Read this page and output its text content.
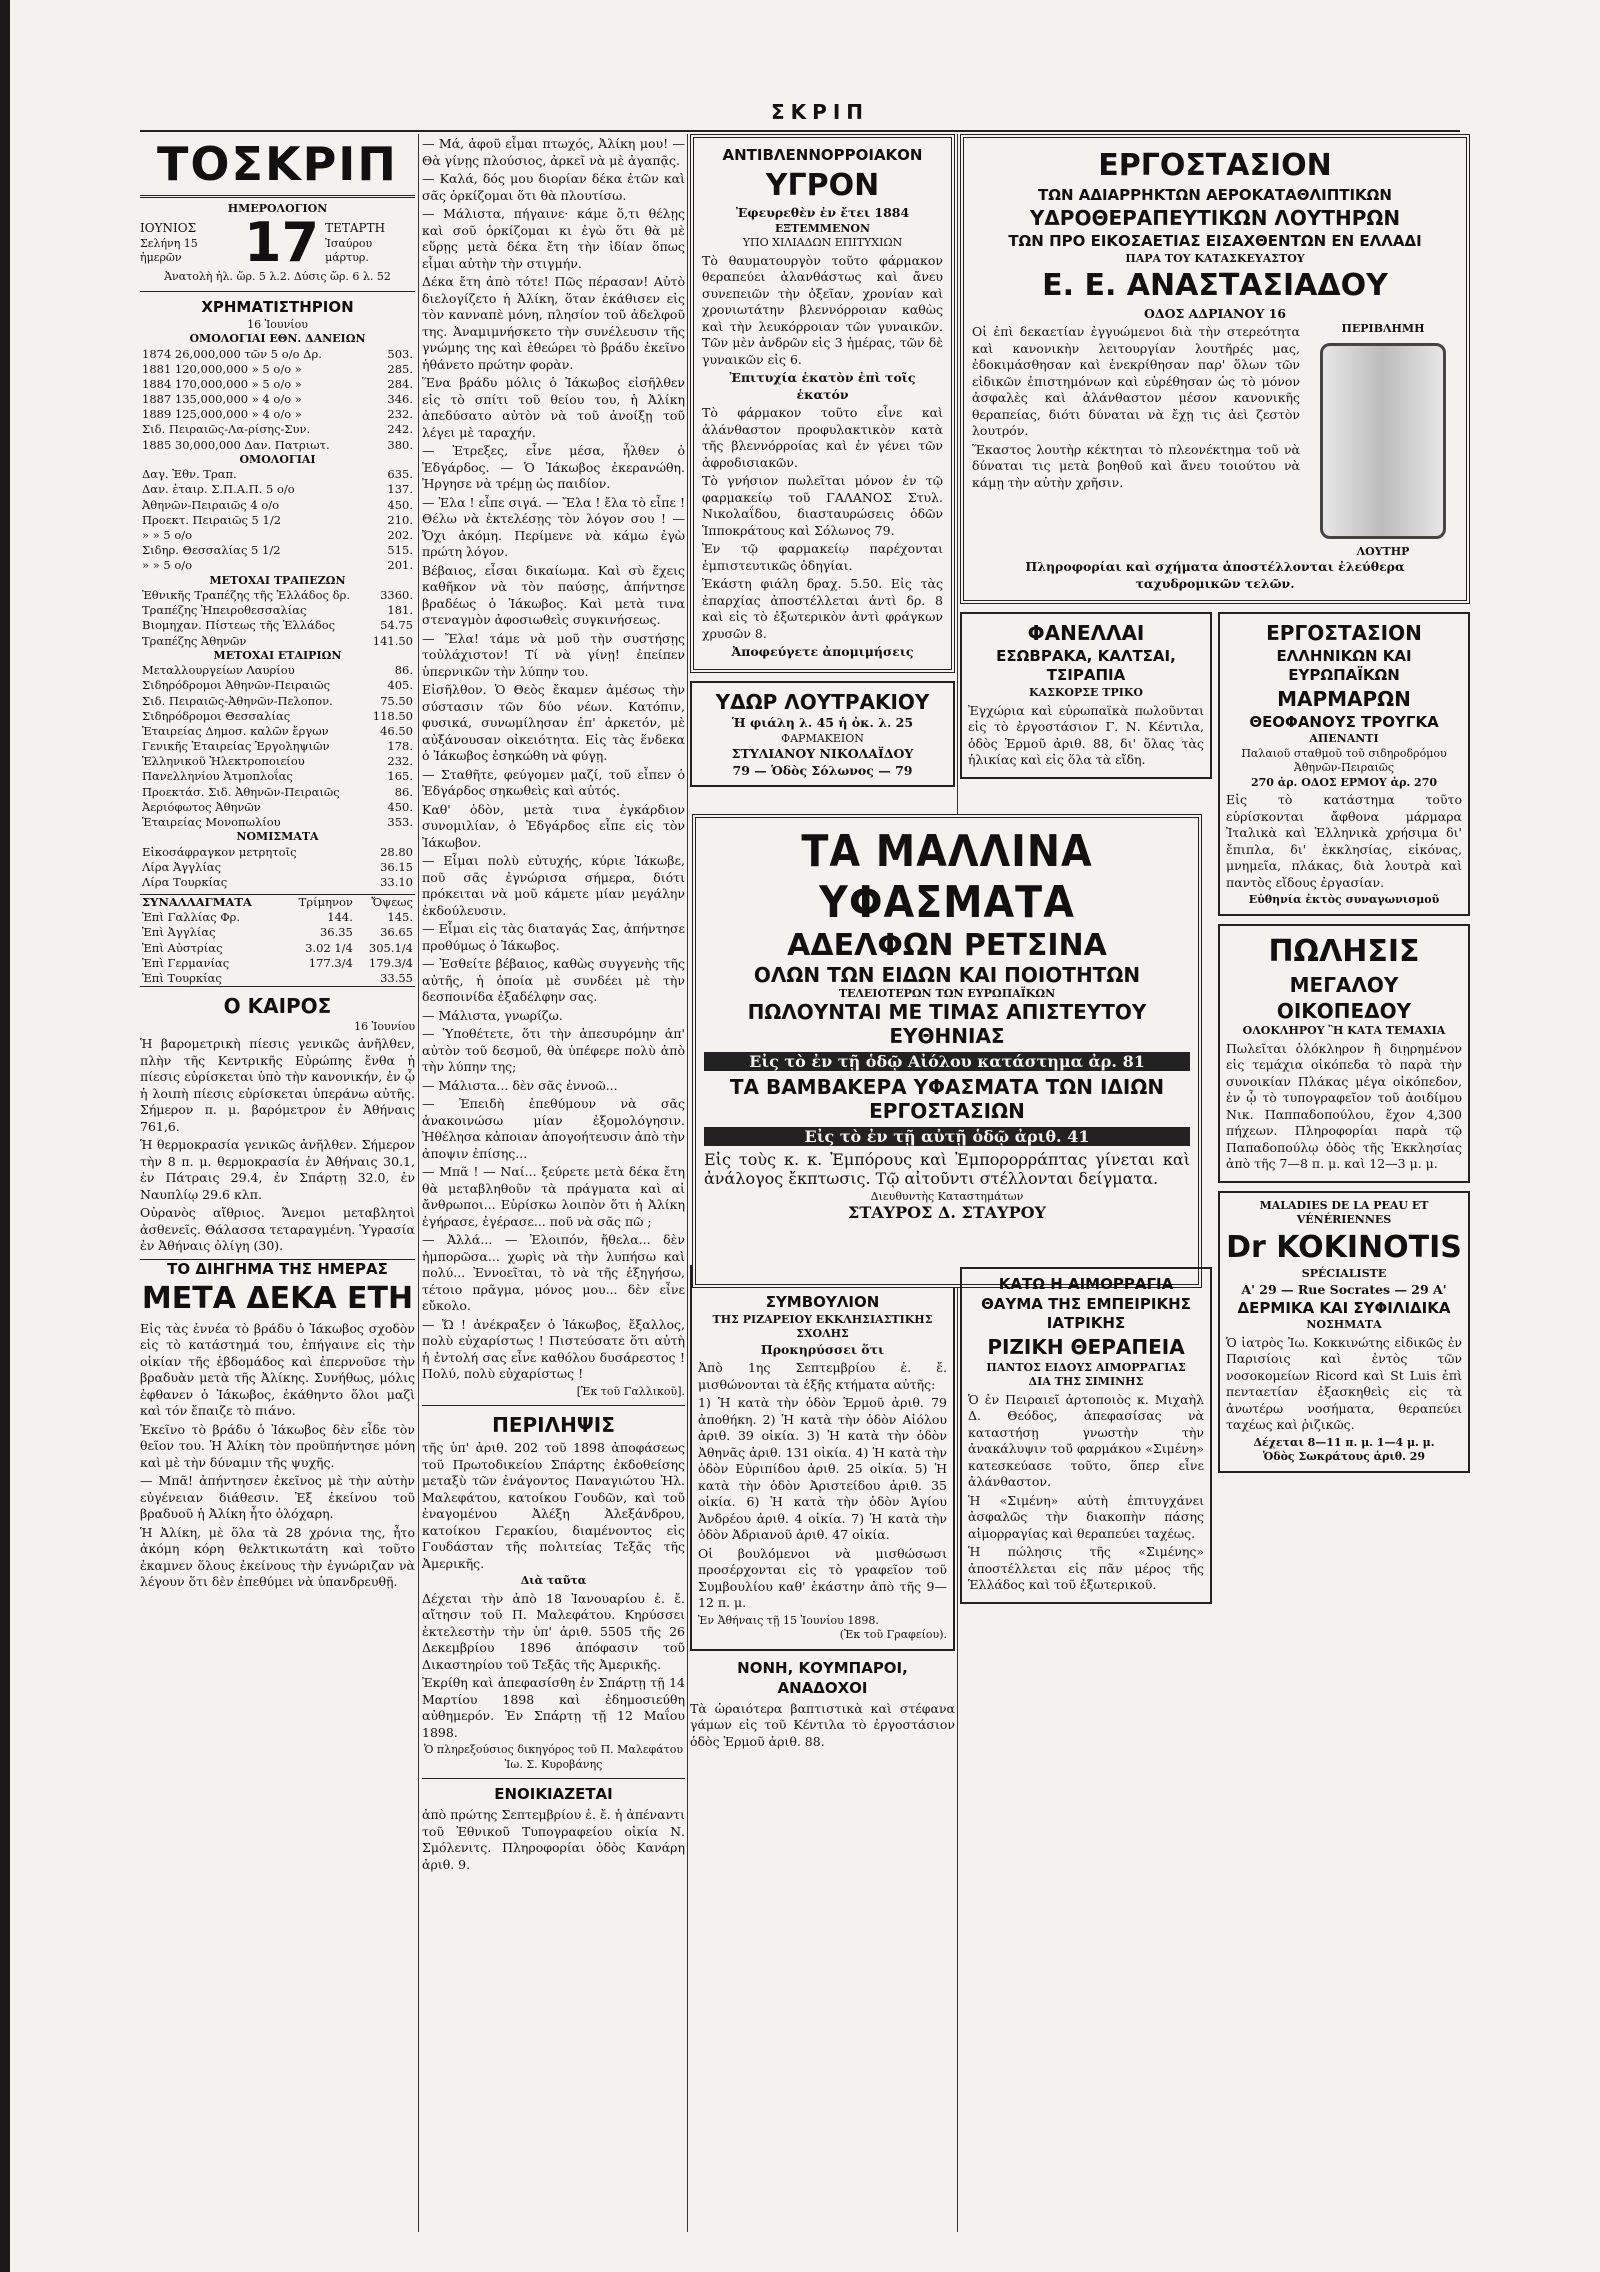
ΣΚΡΙΠ
ΤΟΣΚΡΙΠ
ΗΜΕΡΟΛΟΓΙΟΝ
ΙΟΥΝΙΟΣ
Σελήνη 15 ἡμερῶν	17 ΤΕΤΑΡΤΗ
Ἰσαύρου μάρτυρ.
Ἀνατολὴ ἡλ. ὥρ. 5 λ.2. Δύσις ὥρ. 6 λ. 52
ΧΡΗΜΑΤΙΣΤΗΡΙΟΝ
16 Ἰουνίου
ΟΜΟΛΟΓΙΑΙ ΕΘΝ. ΔΑΝΕΙΩΝ
1874 26,000,000 τῶν 5 ο/ο Δρ.	503.
1881 120,000,000 » 5 ο/ο »	285.
1884 170,000,000 » 5 ο/ο »	284.
1887 135,000,000 » 4 ο/ο »	346.
1889 125,000,000 » 4 ο/ο »	232.
Σιδ. Πειραιῶς-Λα-ρίσης-Συν.	242.
1885 30,000,000 Δαν. Πατριωτ.	380.
ΟΜΟΛΟΓΙΑΙ
Δαγ. Ἐθν. Τραπ.	635.
Δαν. ἐταιρ. Σ.Π.Α.Π. 5 ο/ο	137.
Ἀθηνῶν-Πειραιῶς 4 ο/ο	450.
Προεκτ. Πειραιῶς 5 1/2	210.
» » 5 ο/ο	202.
Σιδηρ. Θεσσαλίας 5 1/2	515.
» » 5 ο/ο	201.
ΜΕΤΟΧΑΙ ΤΡΑΠΕΖΩΝ
Ἐθνικῆς Τραπέζης τῆς Ἑλλάδος δρ.	3360.
Τραπέζης Ἠπειροθεσσαλίας	181.
Βιομηχαν. Πίστεως τῆς Ἑλλάδος	54.75
Τραπέζης Ἀθηνῶν	141.50
ΜΕΤΟΧΑΙ ΕΤΑΙΡΙΩΝ
Μεταλλουργείων Λαυρίου	86.
Σιδηρόδρομοι Ἀθηνῶν-Πειραιῶς	405.
Σιδ. Πειραιῶς-Ἀθηνῶν-Πελοπον.	75.50
Σιδηρόδρομοι Θεσσαλίας	118.50
Ἑταιρείας Δημοσ. καλῶν ἔργων	46.50
Γενικῆς Ἑταιρείας Ἐργοληψιῶν	178.
Ἑλληνικοῦ Ἠλεκτροποιείου	232.
Πανελληνίου Ἀτμοπλοΐας	165.
Προεκτάσ. Σιδ. Ἀθηνῶν-Πειραιῶς	86.
Ἀεριόφωτος Ἀθηνῶν	450.
Ἑταιρείας Μονοπωλίου	353.
ΝΟΜΙΣΜΑΤΑ
Εἰκοσάφραγκον μετρητοῖς	28.80
Λίρα Ἀγγλίας	36.15
Λίρα Τουρκίας	33.10
ΣΥΝΑΛΛΑΓΜΑΤΑ	Τρίμηνον	Ὄψεως
Ἐπὶ Γαλλίας Φρ.	144.	145.
Ἐπὶ Ἀγγλίας	36.35	36.65
Ἐπὶ Αὐστρίας	3.02 1/4	305.1/4
Ἐπὶ Γερμανίας	177.3/4	179.3/4
Ἐπὶ Τουρκίας		33.55
Ο ΚΑΙΡΟΣ
16 Ἰουνίου

Ἡ βαρομετρικὴ πίεσις γενικῶς ἀνῆλθεν, πλὴν τῆς Κεντρικῆς Εὐρώπης ἔνθα ἡ πίεσις εὑρίσκεται ὑπὸ τὴν κανονικήν, ἐν ᾧ ἡ λοιπὴ πίεσις εὑρίσκεται ὑπεράνω αὐτῆς. Σήμερον π. μ. βαρόμετρον ἐν Ἀθήναις 761,6.

Ἡ θερμοκρασία γενικῶς ἀνῆλθεν. Σήμερον τὴν 8 π. μ. θερμοκρασία ἐν Ἀθήναις 30.1, ἐν Πάτραις 29.4, ἐν Σπάρτῃ 32.0, ἐν Ναυπλίῳ 29.6 κλπ.

Οὐρανὸς αἴθριος. Ἄνεμοι μεταβλητοὶ ἀσθενεῖς. Θάλασσα τεταραγμένη. Ὑγρασία ἐν Ἀθήναις ὀλίγη (30).

ΤΟ ΔΙΗΓΗΜΑ ΤΗΣ ΗΜΕΡΑΣ
ΜΕΤΑ ΔΕΚΑ ΕΤΗ

Εἰς τὰς ἐννέα τὸ βράδυ ὁ Ἰάκωβος σχοδὸν εἰς τὸ κατάστημά του, ἐπήγαινε εἰς τὴν οἰκίαν τῆς ἑβδομάδος καὶ ἐπερνοῦσε τὴν βραδυὰν μετὰ τῆς Ἀλίκης. Συνήθως, μόλις ἐφθανεν ὁ Ἰάκωβος, ἐκάθηντο ὅλοι μαζὶ καὶ τόν ἔπαιζε τὸ πιάνο.

Ἐκεῖνο τὸ βράδυ ὁ Ἰάκωβος δὲν εἶδε τὸν θεῖον του. Ἡ Ἀλίκη τὸν προϋπήντησε μόνη καὶ μὲ τὴν δύναμιν τῆς ψυχῆς.

— Μπᾶ! ἀπήντησεν ἐκεῖνος μὲ τὴν αὐτὴν εὐγένειαν διάθεσιν. Ἐξ ἐκείνου τοῦ βραδυοῦ ἡ Ἀλίκη ἦτο ὁλόχαρη.

Ἡ Ἀλίκη, μὲ ὅλα τὰ 28 χρόνια της, ἦτο ἀκόμη κόρη θελκτικωτάτη καὶ τοῦτο ἐκαμνεν ὅλους ἐκείνους τὴν ἐγνώριζαν νὰ λέγουν ὅτι δὲν ἐπεθύμει νὰ ὑπανδρευθῇ.

— Μά, ἀφοῦ εἶμαι πτωχός, Ἀλίκη μου! — Θὰ γίνῃς πλούσιος, ἀρκεῖ νὰ μὲ ἀγαπᾷς.

— Καλά, δός μου διορίαν δέκα ἐτῶν καὶ σᾶς ὁρκίζομαι ὅτι θὰ πλουτίσω.

— Μάλιστα, πήγαινε· κάμε ὅ,τι θέλῃς καὶ σοῦ ὁρκίζομαι κι ἐγὼ ὅτι θὰ μὲ εὕρῃς μετὰ δέκα ἔτη τὴν ἰδίαν ὅπως εἶμαι αὐτὴν τὴν στιγμήν.

Δέκα ἔτη ἀπὸ τότε! Πῶς πέρασαν! Αὐτὸ διελογίζετο ἡ Ἀλίκη, ὅταν ἐκάθισεν εἰς τὸν κανναπὲ μόνη, πλησίον τοῦ ἀδελφοῦ της. Ἀναμιμνήσκετο τὴν συνέλευσιν τῆς γνώμης της καὶ ἐθεώρει τὸ βράδυ ἐκεῖνο ἡθάνετο πρώτην φορὰν.

Ἕνα βράδυ μόλις ὁ Ἰάκωβος εἰσῆλθεν εἰς τὸ σπίτι τοῦ θείου του, ἡ Ἀλίκη ἀπεδύσατο αὐτὸν νὰ τοῦ ἀνοίξῃ τοῦ λέγει μὲ ταραχήν.

— Ἐτρεξες, εἶνε μέσα, ἦλθεν ὁ Ἐδγάρδος. — Ὁ Ἰάκωβος ἐκερανώθη. Ἠργησε νὰ τρέμῃ ὡς παιδίον.

— Ἐλα ! εἶπε σιγά. — Ἔλα ! ἔλα τὸ εἶπε ! Θέλω νὰ ἐκτελέσῃς τὸν λόγον σου ! — Ὄχι ἀκόμη. Περίμενε νὰ κάμω ἐγὼ πρώτη λόγον.

Βέβαιος, εἶσαι δικαίωμα. Καὶ σὺ ἔχεις καθῆκον νὰ τὸν παύσῃς, ἀπήντησε βραδέως ὁ Ἰάκωβος. Καὶ μετὰ τινα στεναγμὸν ἀφοσιωθεὶς συγκινήσεως.

— Ἔλα! τάμε νὰ μοῦ τὴν συστήσῃς τοὐλάχιστον! Τί νὰ γίνῃ! ἐπείπεν ὑπερνικῶν τὴν λύπην του.

Εἰσῆλθον. Ὁ Θεὸς ἔκαμεν ἀμέσως τὴν σύστασιν τῶν δύο νέων. Κατόπιν, φυσικά, συνωμίλησαν ἐπ' ἀρκετόν, μὲ αὐξάνουσαν οἰκειότητα. Εἰς τὰς ἕνδεκα ὁ Ἰάκωβος ἐσηκώθη νὰ φύγῃ.

— Σταθῆτε, φεύγομεν μαζί, τοῦ εἶπεν ὁ Ἐδγάρδος σηκωθεὶς καὶ αὐτός.

Καθ' ὁδὸν, μετὰ τινα ἐγκάρδιον συνομιλίαν, ὁ Ἐδγάρδος εἶπε εἰς τὸν Ἰάκωβον.

— Εἶμαι πολὺ εὐτυχής, κύριε Ἰάκωβε, ποῦ σᾶς ἐγνώρισα σήμερα, διότι πρόκειται νὰ μοῦ κάμετε μίαν μεγάλην ἐκδούλευσιν.

— Εἶμαι εἰς τὰς διαταγάς Σας, ἀπήντησε προθύμως ὁ Ἰάκωβος.

— Ἐσθείτε βέβαιος, καθὼς συγγενὴς τῆς αὐτῆς, ἡ ὁποία μὲ συνδέει μὲ τὴν δεσποινίδα ἐξαδέλφην σας.

— Μάλιστα, γνωρίζω.

— Ὑποθέτετε, ὅτι τὴν ἀπεσυρόμην ἀπ' αὐτὸν τοῦ δεσμοῦ, θὰ ὑπέφερε πολὺ ἀπὸ τὴν λύπην της;

— Μάλιστα... δὲν σᾶς ἐννοῶ...

— Ἐπειδὴ ἐπεθύμουν νὰ σᾶς ἀνακοινώσω μίαν ἐξομολόγησιν. Ἠθέλησα κἀποιαν ἀπογοήτευσιν ἀπὸ τὴν ἀποψιν ἐπίσης...

— Μπᾶ ! — Ναί... ξεύρετε μετὰ δέκα ἔτη θὰ μεταβληθοῦν τὰ πράγματα καὶ αἱ ἄνθρωποι... Εὑρίσκω λοιπὸν ὅτι ἡ Ἀλίκη ἐγήρασε, ἐγέρασε... ποῦ νὰ σᾶς πῶ ;

— Ἀλλά... — Ἐλοιπόν, ἤθελα... δὲν ἠμπορῶσα... χωρὶς νὰ τὴν λυπήσω καὶ πολύ... Ἐννοεῖται, τὸ νὰ τῆς ἐξηγήσω, τέτοιο πρᾶγμα, μόνος μου... δὲν εἶνε εὔκολο.

— Ὤ ! ἀνέκραξεν ὁ Ἰάκωβος, ἔξαλλος, πολὺ εὐχαρίστως ! Πιστεύσατε ὅτι αὐτὴ ἡ ἐντολή σας εἶνε καθόλου δυσάρεστος ! Πολύ, πολὺ εὐχαρίστως !

[Ἐκ τοῦ Γαλλικοῦ].
ΠΕΡΙΛΗΨΙΣ

τῆς ὑπ' ἀριθ. 202 τοῦ 1898 ἀποφάσεως τοῦ Πρωτοδικείου Σπάρτης ἐκδοθείσης μεταξὺ τῶν ἐνάγοντος Παναγιώτου Ἠλ. Μαλεφάτου, κατοίκου Γουδῶν, καὶ τοῦ ἐναγομένου Ἀλέξη Ἀλεξάνδρου, κατοίκου Γερακίου, διαμένοντος εἰς Γουδάσταν τῆς πολιτείας Τεξᾶς τῆς Ἀμερικῆς.

Διὰ ταῦτα

Δέχεται τὴν ἀπὸ 18 Ἰανουαρίου ἐ. ἔ. αἴτησιν τοῦ Π. Μαλεφάτου. Κηρύσσει ἐκτελεστὴν τὴν ὑπ' ἀριθ. 5505 τῆς 26 Δεκεμβρίου 1896 ἀπόφασιν τοῦ Δικαστηρίου τοῦ Τεξᾶς τῆς Ἀμερικῆς.

Ἐκρίθη καὶ ἀπεφασίσθη ἐν Σπάρτῃ τῇ 14 Μαρτίου 1898 καὶ ἐδημοσιεύθη αὐθημερόν. Ἐν Σπάρτῃ τῇ 12 Μαΐου 1898.

Ὁ πληρεξούσιος δικηγόρος τοῦ Π. Μαλεφάτου Ἰω. Σ. Κυροβάνης
ΕΝΟΙΚΙΑΖΕΤΑΙ

ἀπὸ πρώτης Σεπτεμβρίου ἐ. ἔ. ἡ ἀπέναντι τοῦ Ἐθνικοῦ Τυπογραφείου οἰκία Ν. Σμόλενιτς. Πληροφορίαι ὁδὸς Κανάρη ἀριθ. 9.

ΑΝΤΙΒΛΕΝΝΟΡΡΟΙΑΚΟΝ
ΥΓΡΟΝ
Ἐφευρεθὲν ἐν ἔτει 1884
ΕΞΤΕΜΜΕΝΟΝ
ΥΠΟ ΧΙΛΙΑΔΩΝ ΕΠΙΤΥΧΙΩΝ

Τὸ θαυματουργὸν τοῦτο φάρμακον θεραπεύει ἀλανθάστως καὶ ἄνευ συνεπειῶν τὴν ὀξεῖαν, χρονίαν καὶ χρονιωτάτην βλεννόρροιαν καθὼς καὶ τὴν λευκόρροιαν τῶν γυναικῶν. Τῶν μὲν ἀνδρῶν εἰς 3 ἡμέρας, τῶν δὲ γυναικῶν εἰς 6.

Ἐπιτυχία ἑκατὸν ἐπὶ τοῖς ἑκατόν

Τὸ φάρμακον τοῦτο εἶνε καὶ ἀλάνθαστον προφυλακτικὸν κατὰ τῆς βλεννόρροίας καὶ ἐν γένει τῶν ἀφροδισιακῶν.

Τὸ γνήσιον πωλεῖται μόνον ἐν τῷ φαρμακείῳ τοῦ ΓΑΛΑΝΟΣ Στυλ. Νικολαΐδου, διασταυρώσεις ὁδῶν Ἱπποκράτους καὶ Σόλωνος 79.

Ἐν τῷ φαρμακείῳ παρέχονται ἐμπιστευτικῶς ὁδηγίαι.

Ἑκάστη φιάλη δραχ. 5.50. Εἰς τὰς ἐπαρχίας ἀποστέλλεται ἀντὶ δρ. 8 καὶ εἰς τὸ ἐξωτερικὸν ἀντὶ φράγκων χρυσῶν 8.

Ἀποφεύγετε ἀπομιμήσεις
ΥΔΩΡ ΛΟΥΤΡΑΚΙΟΥ
Ἡ φιάλη λ. 45 ἡ ὀκ. λ. 25
ΦΑΡΜΑΚΕΙΟΝ
ΣΤΥΛΙΑΝΟΥ ΝΙΚΟΛΑΪΔΟΥ
79 — Ὁδὸς Σόλωνος — 79
ΣΥΜΒΟΥΛΙΟΝ
ΤΗΣ ΡΙΖΑΡΕΙΟΥ ΕΚΚΛΗΣΙΑΣΤΙΚΗΣ ΣΧΟΛΗΣ
Προκηρύσσει ὅτι

Ἀπὸ 1ης Σεπτεμβρίου ἐ. ἔ. μισθώνονται τὰ ἑξῆς κτήματα αὐτῆς:

1) Ἡ κατὰ τὴν ὁδὸν Ἑρμοῦ ἀριθ. 79 ἀποθήκη. 2) Ἡ κατὰ τὴν ὁδὸν Αἰόλου ἀριθ. 39 οἰκία. 3) Ἡ κατὰ τὴν ὁδὸν Ἀθηνᾶς ἀριθ. 131 οἰκία. 4) Ἡ κατὰ τὴν ὁδὸν Εὐριπίδου ἀριθ. 25 οἰκία. 5) Ἡ κατὰ τὴν ὁδὸν Ἀριστείδου ἀριθ. 35 οἰκία. 6) Ἡ κατὰ τὴν ὁδὸν Ἁγίου Ἀνδρέου ἀριθ. 4 οἰκία. 7) Ἡ κατὰ τὴν ὁδὸν Ἀδριανοῦ ἀριθ. 47 οἰκία.

Οἱ βουλόμενοι νὰ μισθώσωσι προσέρχονται εἰς τὸ γραφεῖον τοῦ Συμβουλίου καθ' ἑκάστην ἀπὸ τῆς 9—12 π. μ.

Ἐν Ἀθήναις τῇ 15 Ἰουνίου 1898.
(Ἐκ τοῦ Γραφείου).
ΝΟΝΗ, ΚΟΥΜΠΑΡΟΙ, ΑΝΑΔΟΧΟΙ

Τὰ ὡραιότερα βαπτιστικὰ καὶ στέφανα γάμων εἰς τοῦ Κέντιλα τὸ ἐργοστάσιον ὁδὸς Ἑρμοῦ ἀριθ. 88.

ΤΑ ΜΑΛΛΙΝΑ ΥΦΑΣΜΑΤΑ
ΑΔΕΛΦΩΝ ΡΕΤΣΙΝΑ
ΟΛΩΝ ΤΩΝ ΕΙΔΩΝ ΚΑΙ ΠΟΙΟΤΗΤΩΝ
ΤΕΛΕΙΟΤΕΡΩΝ ΤΩΝ ΕΥΡΩΠΑΪΚΩΝ
ΠΩΛΟΥΝΤΑΙ ΜΕ ΤΙΜΑΣ ΑΠΙΣΤΕΥΤΟΥ ΕΥΘΗΝΙΑΣ
Εἰς τὸ ἐν τῇ ὁδῷ Αἰόλου κατάστημα ἀρ. 81
ΤΑ ΒΑΜΒΑΚΕΡΑ ΥΦΑΣΜΑΤΑ ΤΩΝ ΙΔΙΩΝ ΕΡΓΟΣΤΑΣΙΩΝ
Εἰς τὸ ἐν τῇ αὐτῇ ὁδῷ ἀριθ. 41

Εἰς τοὺς κ. κ. Ἐμπόρους καὶ Ἐμπορορράπτας γίνεται καὶ ἀνάλογος ἔκπτωσις. Τῷ αἰτοῦντι στέλλονται δείγματα.

Διευθυντὴς Καταστημάτων
ΣΤΑΥΡΟΣ Δ. ΣΤΑΥΡΟΥ
ΕΡΓΟΣΤΑΣΙΟΝ
ΤΩΝ ΑΔΙΑΡΡΗΚΤΩΝ ΑΕΡΟΚΑΤΑΘΛΙΠΤΙΚΩΝ
ΥΔΡΟΘΕΡΑΠΕΥΤΙΚΩΝ ΛΟΥΤΗΡΩΝ
ΤΩΝ ΠΡΟ ΕΙΚΟΣΑΕΤΙΑΣ ΕΙΣΑΧΘΕΝΤΩΝ ΕΝ ΕΛΛΑΔΙ
ΠΑΡΑ ΤΟΥ ΚΑΤΑΣΚΕΥΑΣΤΟΥ
Ε. Ε. ΑΝΑΣΤΑΣΙΑΔΟΥ
ΟΔΟΣ ΑΔΡΙΑΝΟΥ 16

Οἱ ἐπὶ δεκαετίαν ἐγγυώμενοι διὰ τὴν στερεότητα καὶ κανονικὴν λειτουργίαν λουτῆρές μας, ἐδοκιμάσθησαν καὶ ἐνεκρίθησαν παρ' ὅλων τῶν εἰδικῶν ἐπιστημόνων καὶ εὑρέθησαν ὡς τὸ μόνον ἀσφαλὲς καὶ ἀλάνθαστον μέσον κανονικῆς θεραπείας, διότι δύναται νὰ ἔχῃ τις ἀεὶ ζεστὸν λουτρόν.

Ἕκαστος λουτὴρ κέκτηται τὸ πλεονέκτημα τοῦ νὰ δύναται τις μετὰ βοηθοῦ καὶ ἄνευ τοιούτου νὰ κάμῃ τὴν αὐτὴν χρῆσιν.

ΠΕΡΙΒΛΗΜΗ
ΛΟΥΤΗΡ
Πληροφορίαι καὶ σχήματα ἀποστέλλονται ἐλεύθερα ταχυδρομικῶν τελῶν.
ΦΑΝΕΛΛΑΙ
ΕΣΩΒΡΑΚΑ, ΚΑΛΤΣΑΙ, ΤΣΙΡΑΠΙΑ
ΚΑΣΚΟΡΣΕ ΤΡΙΚΟ

Ἐγχώρια καὶ εὐρωπαϊκὰ πωλοῦνται εἰς τὸ ἐργοστάσιον Γ. Ν. Κέντιλα, ὁδὸς Ἑρμοῦ ἀριθ. 88, δι' ὅλας τὰς ἡλικίας καὶ εἰς ὅλα τὰ εἴδη.

ΚΑΤΩ Η ΑΙΜΟΡΡΑΓΙΑ
ΘΑΥΜΑ ΤΗΣ ΕΜΠΕΙΡΙΚΗΣ ΙΑΤΡΙΚΗΣ
ΡΙΖΙΚΗ ΘΕΡΑΠΕΙΑ
ΠΑΝΤΟΣ ΕΙΔΟΥΣ ΑΙΜΟΡΡΑΓΙΑΣ
ΔΙΑ ΤΗΣ ΣΙΜΙΝΗΣ

Ὁ ἐν Πειραιεῖ ἀρτοποιὸς κ. Μιχαὴλ Δ. Θεόδος, ἀπεφασίσας νὰ καταστήσῃ γνωστὴν τὴν ἀνακάλυψιν τοῦ φαρμάκου «Σιμένη» κατεσκεύασε τοῦτο, ὅπερ εἶνε ἀλάνθαστον.

Ἡ «Σιμένη» αὐτὴ ἐπιτυγχάνει ἀσφαλῶς τὴν διακοπὴν πάσης αἱμορραγίας καὶ θεραπεύει ταχέως.

Ἡ πώλησις τῆς «Σιμένης» ἀποστέλλεται εἰς πᾶν μέρος τῆς Ἑλλάδος καὶ τοῦ ἐξωτερικοῦ.

ΕΡΓΟΣΤΑΣΙΟΝ
ΕΛΛΗΝΙΚΩΝ ΚΑΙ ΕΥΡΩΠΑΪΚΩΝ
ΜΑΡΜΑΡΩΝ
ΘΕΟΦΑΝΟΥΣ ΤΡΟΥΓΚΑ
ΑΠΕΝΑΝΤΙ
Παλαιοῦ σταθμοῦ τοῦ σιδηροδρόμου Ἀθηνῶν-Πειραιῶς
270 ἀρ. ΟΔΟΣ ΕΡΜΟΥ ἀρ. 270

Εἰς τὸ κατάστημα τοῦτο εὑρίσκονται ἄφθονα μάρμαρα Ἰταλικὰ καὶ Ἑλληνικὰ χρήσιμα δι' ἔπιπλα, δι' ἐκκλησίας, εἰκόνας, μνημεῖα, πλάκας, διὰ λουτρὰ καὶ παντὸς εἴδους ἐργασίαν.

Εὐθηνία ἐκτὸς συναγωνισμοῦ
ΠΩΛΗΣΙΣ
ΜΕΓΑΛΟΥ ΟΙΚΟΠΕΔΟΥ
ΟΛΟΚΛΗΡΟΥ Ἢ ΚΑΤΑ ΤΕΜΑΧΙΑ

Πωλεῖται ὁλόκληρον ἢ διῃρημένον εἰς τεμάχια οἰκόπεδα τὸ παρὰ τὴν συνοικίαν Πλάκας μέγα οἰκόπεδον, ἐν ᾧ τὸ τυπογραφεῖον τοῦ ἀοιδίμου Νικ. Παππαδοπούλου, ἔχον 4,300 πήχεων. Πληροφορίαι παρὰ τῷ Παπαδοπούλῳ ὁδὸς τῆς Ἐκκλησίας ἀπὸ τῆς 7—8 π. μ. καὶ 12—3 μ. μ.

MALADIES DE LA PEAU ET VÉNÉRIENNES
Dr KOKINOTIS
SPÉCIALISTE
Α' 29 — Rue Socrates — 29 Α'
ΔΕΡΜΙΚΑ ΚΑΙ ΣΥΦΙΛΙΔΙΚΑ
ΝΟΣΗΜΑΤΑ

Ὁ ἰατρὸς Ἰω. Κοκκινώτης εἰδικῶς ἐν Παρισίοις καὶ ἐντὸς τῶν νοσοκομείων Ricord καὶ St Luis ἐπὶ πενταετίαν ἐξασκηθεὶς εἰς τὰ ἀνωτέρω νοσήματα, θεραπεύει ταχέως καὶ ῥιζικῶς.

Δέχεται 8—11 π. μ. 1—4 μ. μ.
Ὁδὸς Σωκράτους ἀριθ. 29
